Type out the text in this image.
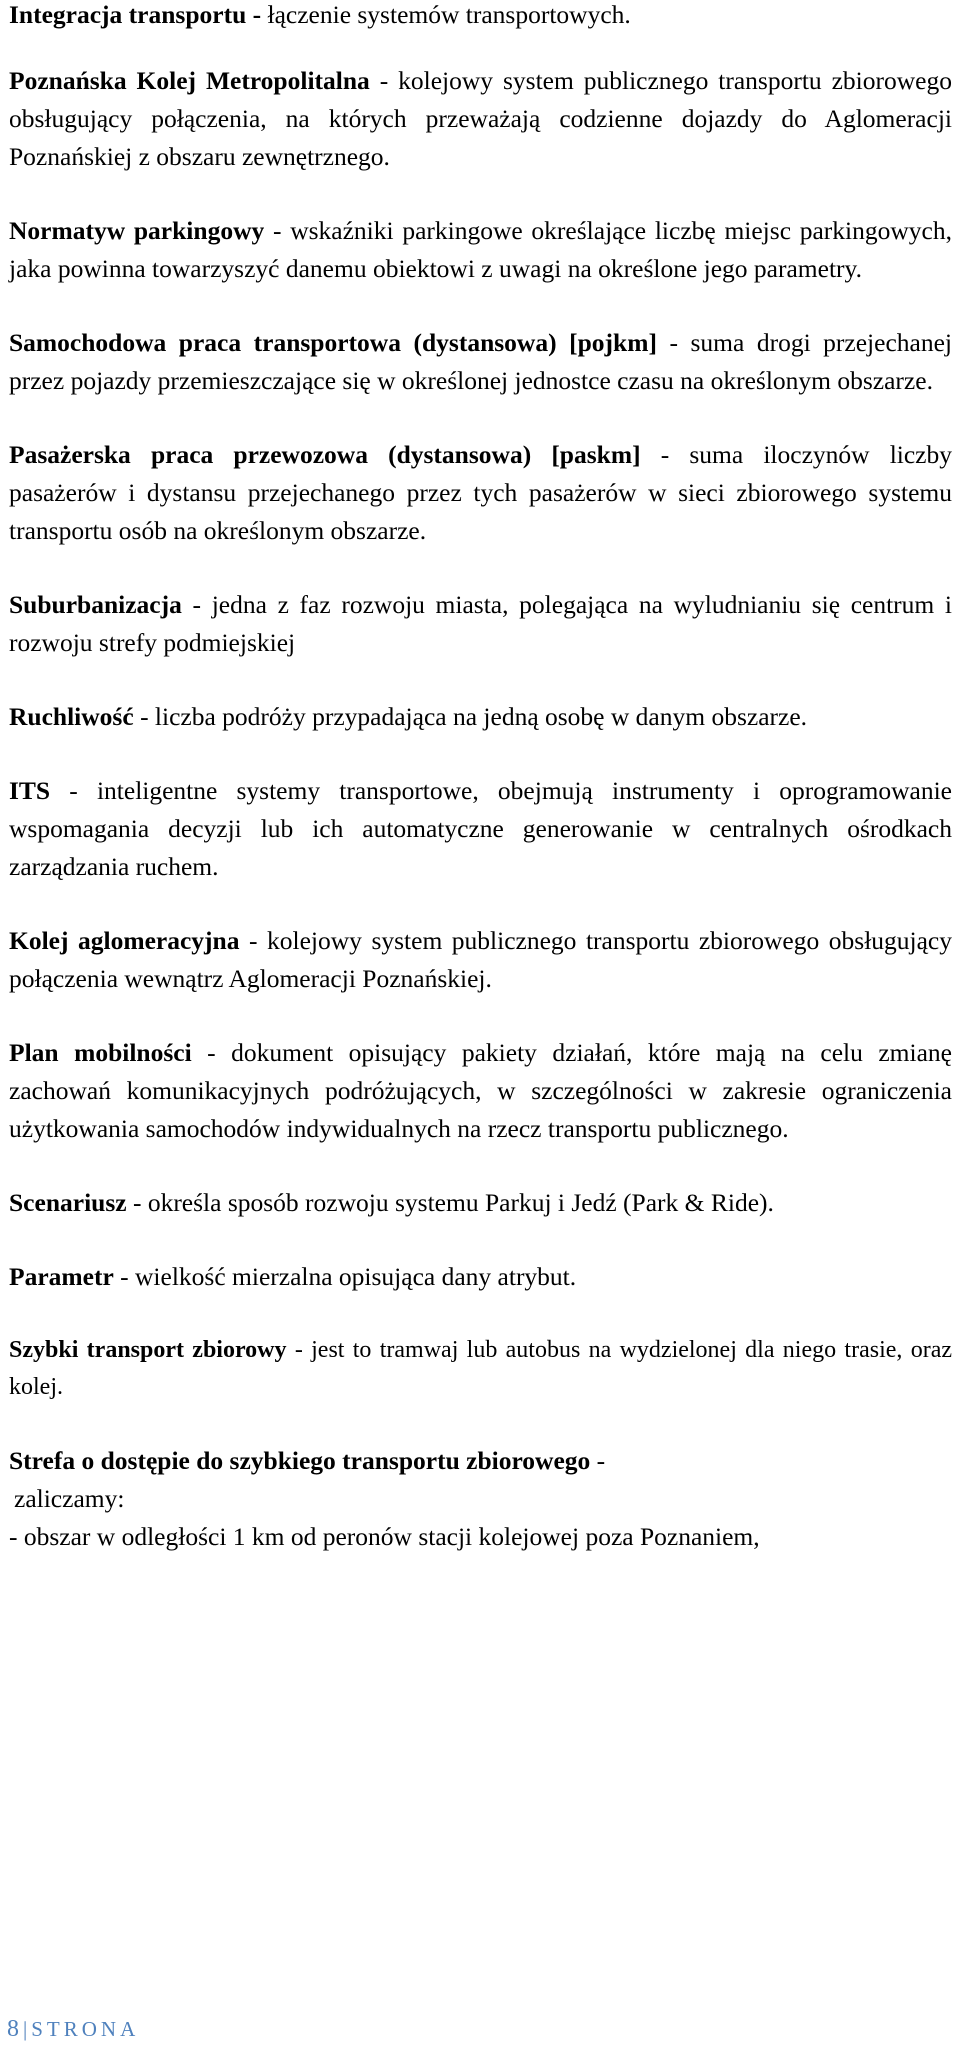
Integracja transportu - łączenie systemów transportowych.

Poznańska Kolej Metropolitalna - kolejowy system publicznego transportu zbiorowego obsługujący połączenia, na których przeważają codzienne dojazdy do Aglomeracji Poznańskiej z obszaru zewnętrznego.

Normatyw parkingowy - wskaźniki parkingowe określające liczbę miejsc parkingowych, jaka powinna towarzyszyć danemu obiektowi z uwagi na określone jego parametry.

Samochodowa praca transportowa (dystansowa) [pojkm] - suma drogi przejechanej przez pojazdy przemieszczające się w określonej jednostce czasu na określonym obszarze.

Pasażerska praca przewozowa (dystansowa) [paskm] - suma iloczynów liczby pasażerów i dystansu przejechanego przez tych pasażerów w sieci zbiorowego systemu transportu osób na określonym obszarze.

Suburbanizacja - jedna z faz rozwoju miasta, polegająca na wyludnianiu się centrum i rozwoju strefy podmiejskiej

Ruchliwość - liczba podróży przypadająca na jedną osobę w danym obszarze.

ITS - inteligentne systemy transportowe, obejmują instrumenty i oprogramowanie wspomagania decyzji lub ich automatyczne generowanie w centralnych ośrodkach zarządzania ruchem.

Kolej aglomeracyjna - kolejowy system publicznego transportu zbiorowego obsługujący połączenia wewnątrz Aglomeracji Poznańskiej.

Plan mobilności - dokument opisujący pakiety działań, które mają na celu zmianę zachowań komunikacyjnych podróżujących, w szczególności w zakresie ograniczenia użytkowania samochodów indywidualnych na rzecz transportu publicznego.

Scenariusz - określa sposób rozwoju systemu Parkuj i Jedź (Park & Ride).

Parametr - wielkość mierzalna opisująca dany atrybut.

Szybki transport zbiorowy - jest to tramwaj lub autobus na wydzielonej dla niego trasie, oraz kolej.

Strefa o dostępie do szybkiego transportu zbiorowego -
zaliczamy:
- obszar w odległości 1 km od peronów stacji kolejowej poza Poznaniem,

8 | STRONA
